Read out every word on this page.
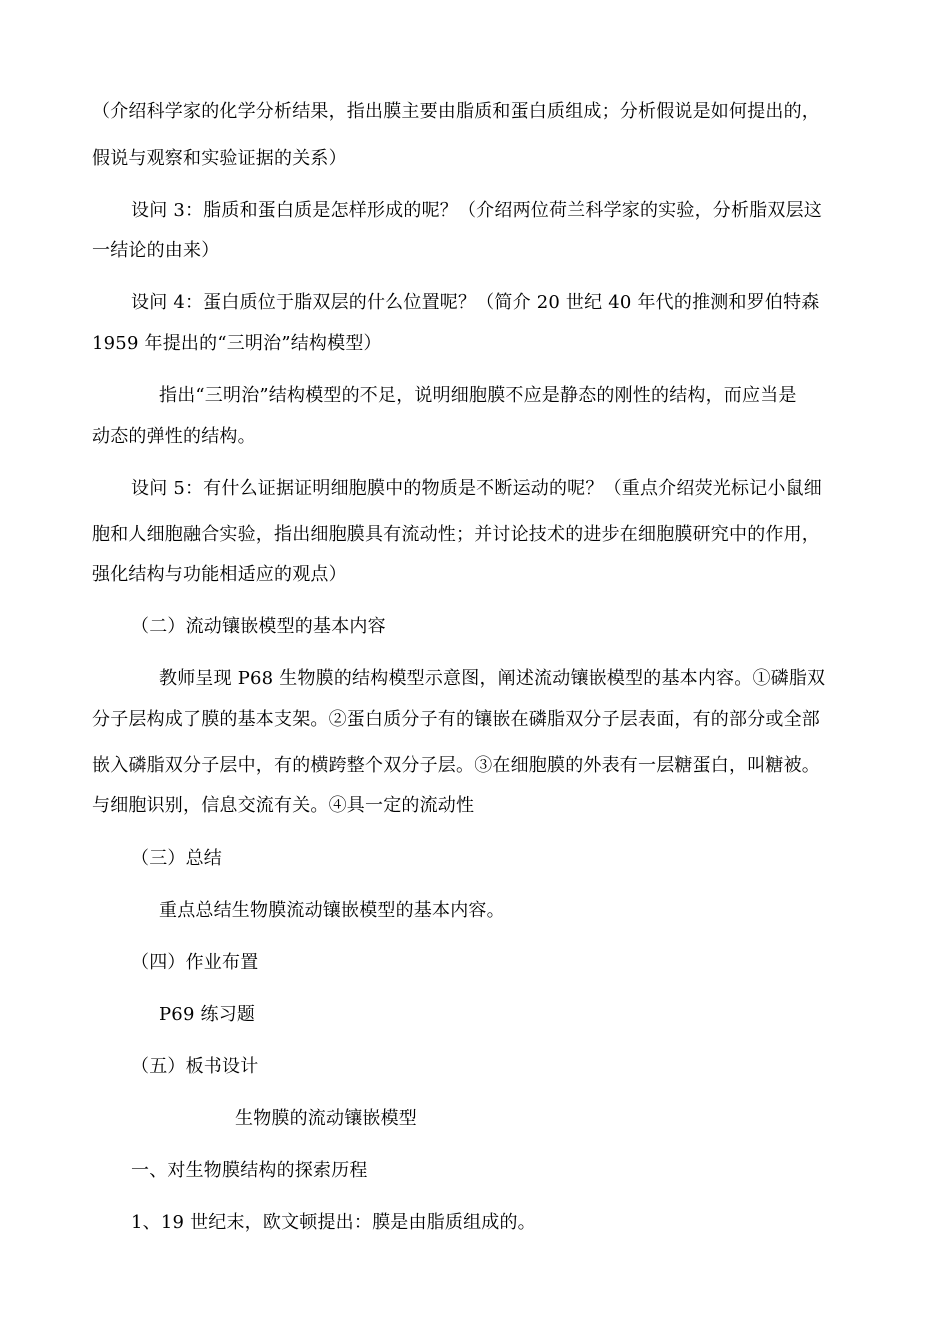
（介绍科学家的化学分析结果，指出膜主要由脂质和蛋白质组成；分析假说是如何提出的，
假说与观察和实验证据的关系）
设问 3：脂质和蛋白质是怎样形成的呢？（介绍两位荷兰科学家的实验，分析脂双层这
一结论的由来）
设问 4：蛋白质位于脂双层的什么位置呢？（简介 20 世纪 40 年代的推测和罗伯特森
1959 年提出的“三明治”结构模型）
指出“三明治”结构模型的不足，说明细胞膜不应是静态的刚性的结构，而应当是
动态的弹性的结构。
设问 5：有什么证据证明细胞膜中的物质是不断运动的呢？（重点介绍荧光标记小鼠细
胞和人细胞融合实验，指出细胞膜具有流动性；并讨论技术的进步在细胞膜研究中的作用，
强化结构与功能相适应的观点）
（二）流动镶嵌模型的基本内容
教师呈现 P68 生物膜的结构模型示意图，阐述流动镶嵌模型的基本内容。①磷脂双
分子层构成了膜的基本支架。②蛋白质分子有的镶嵌在磷脂双分子层表面，有的部分或全部
嵌入磷脂双分子层中，有的横跨整个双分子层。③在细胞膜的外表有一层糖蛋白，叫糖被。
与细胞识别，信息交流有关。④具一定的流动性
（三）总结
重点总结生物膜流动镶嵌模型的基本内容。
（四）作业布置
P69 练习题
（五）板书设计
生物膜的流动镶嵌模型
一、对生物膜结构的探索历程
1、19 世纪末，欧文顿提出：膜是由脂质组成的。
